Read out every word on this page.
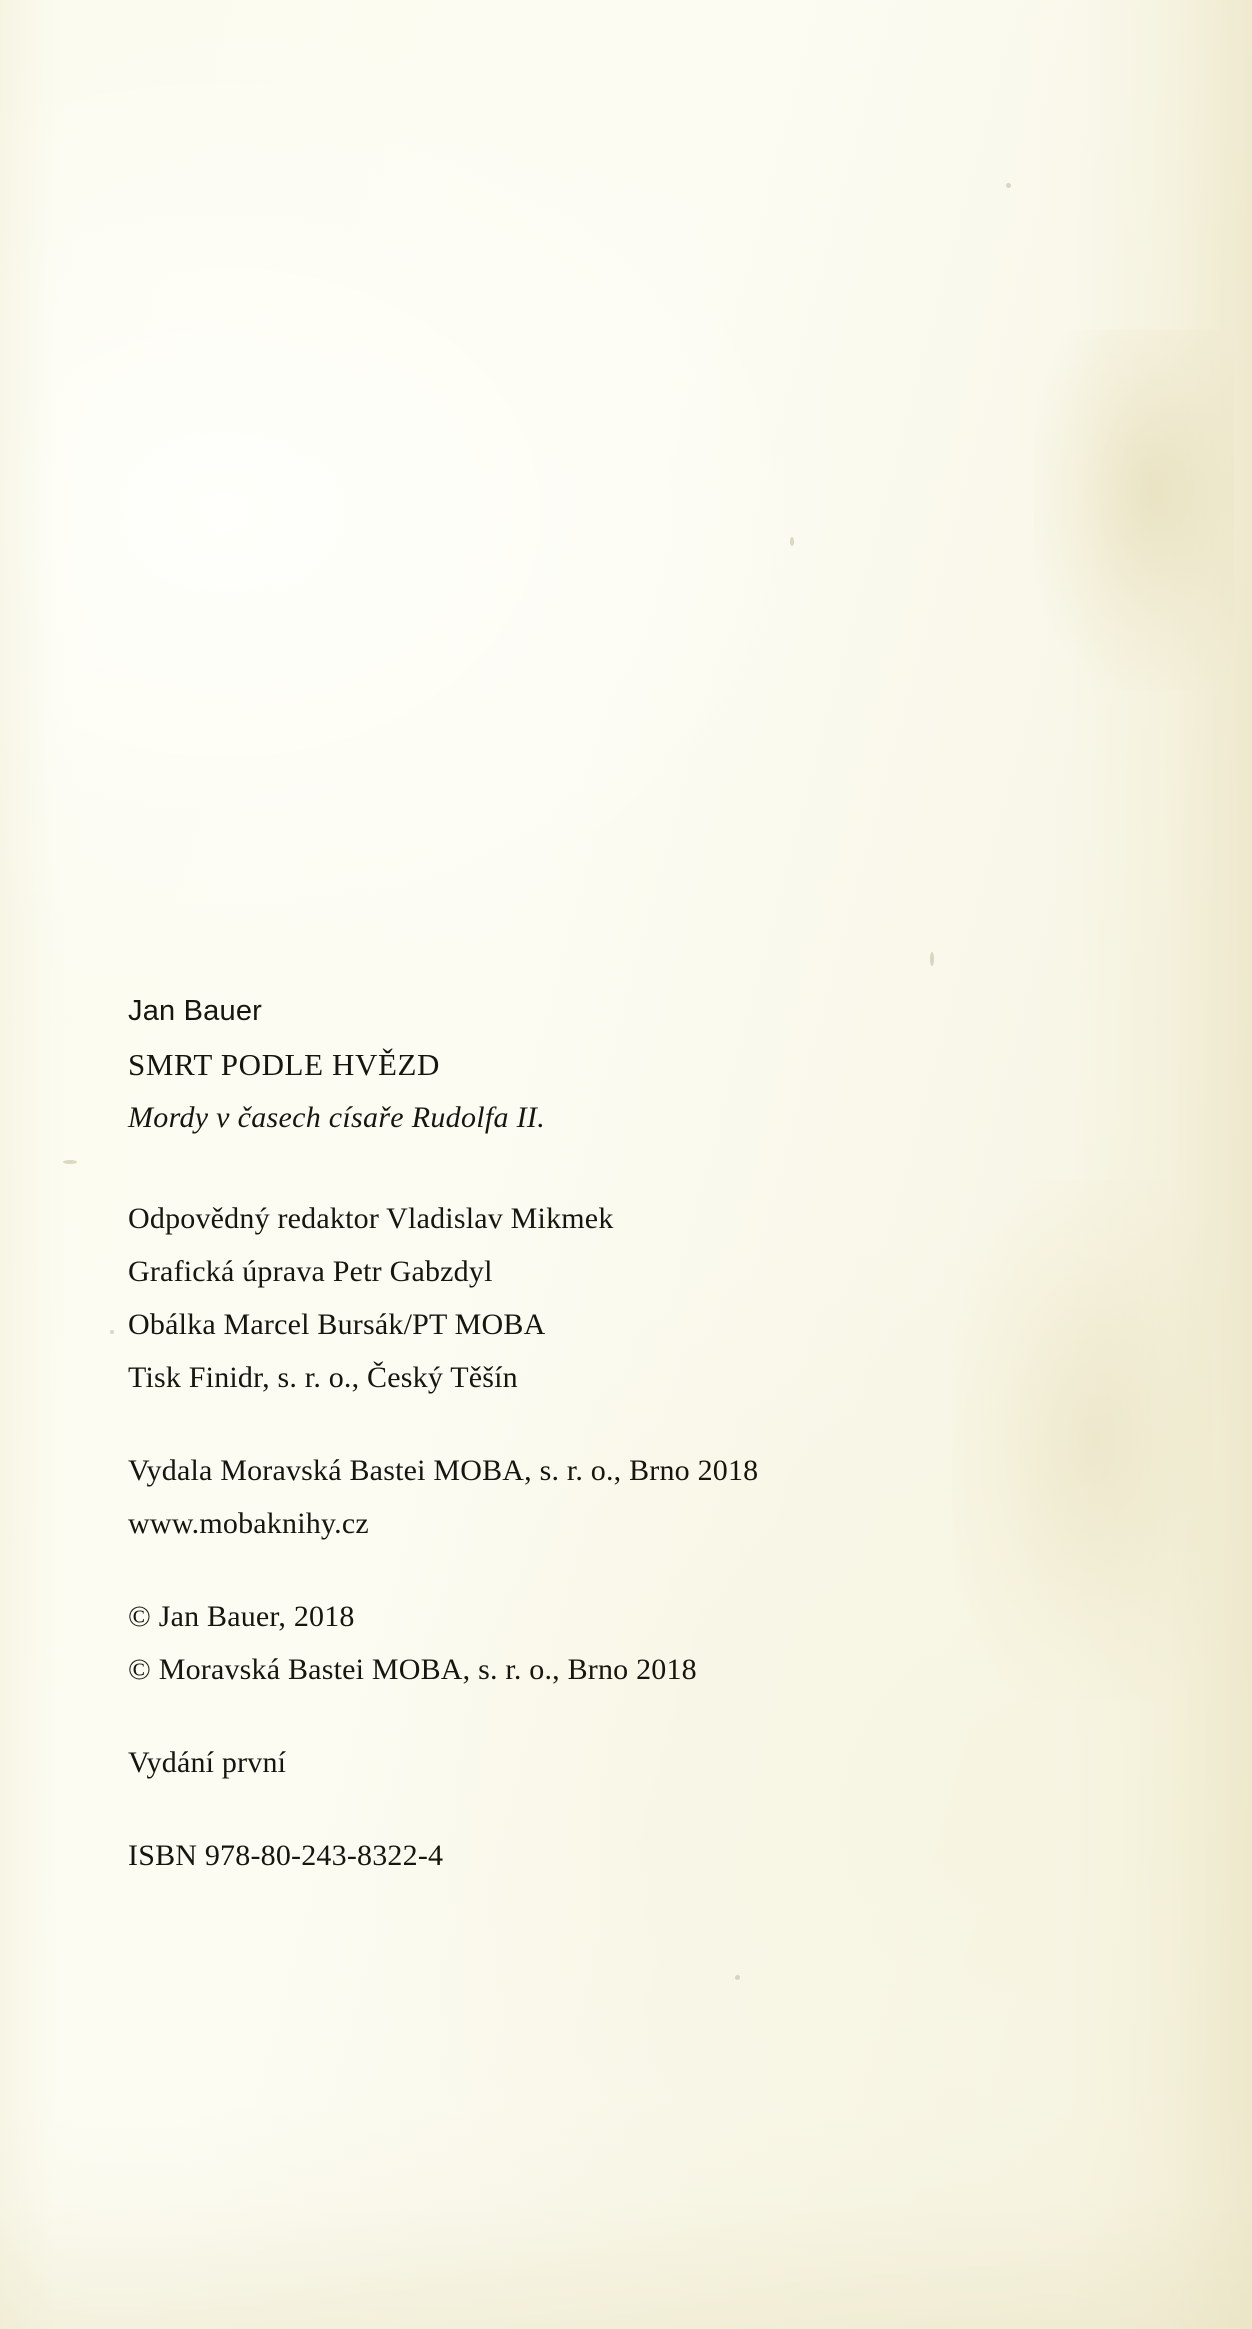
Jan Bauer
SMRT PODLE HVĚZD
Mordy v časech císaře Rudolfa II.
Odpovědný redaktor Vladislav Mikmek
Grafická úprava Petr Gabzdyl
Obálka Marcel Bursák/PT MOBA
Tisk Finidr, s. r. o., Český Těšín
Vydala Moravská Bastei MOBA, s. r. o., Brno 2018
www.mobaknihy.cz
© Jan Bauer, 2018
© Moravská Bastei MOBA, s. r. o., Brno 2018
Vydání první
ISBN 978-80-243-8322-4
